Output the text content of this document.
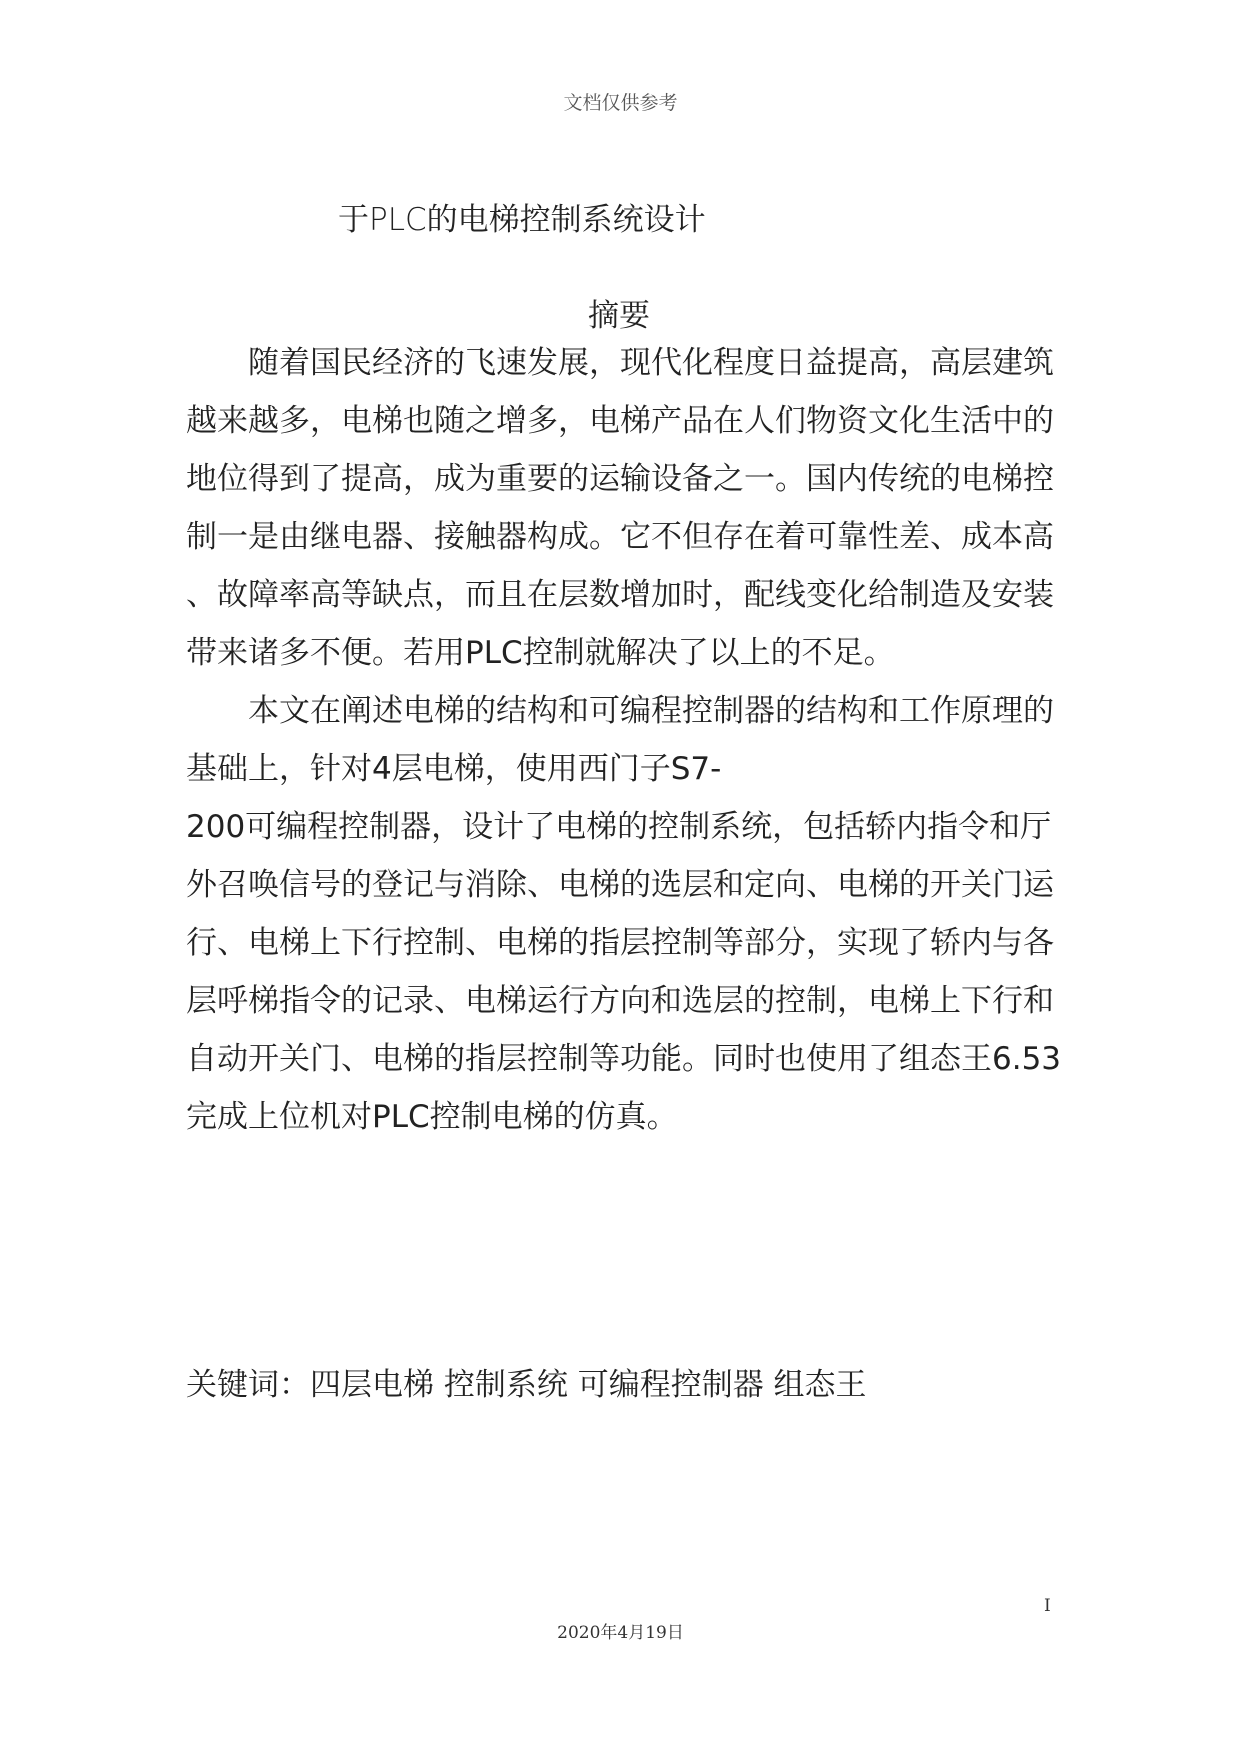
文档仅供参考
于PLC的电梯控制系统设计
摘要
随着国民经济的飞速发展，现代化程度日益提高，高层建筑
越来越多，电梯也随之增多，电梯产品在人们物资文化生活中的
地位得到了提高，成为重要的运输设备之一。国内传统的电梯控
制一是由继电器、接触器构成。它不但存在着可靠性差、成本高
、故障率高等缺点，而且在层数增加时，配线变化给制造及安装
带来诸多不便。若用PLC控制就解决了以上的不足。
本文在阐述电梯的结构和可编程控制器的结构和工作原理的
基础上，针对4层电梯，使用西门子S7-
200可编程控制器，设计了电梯的控制系统，包括轿内指令和厅
外召唤信号的登记与消除、电梯的选层和定向、电梯的开关门运
行、电梯上下行控制、电梯的指层控制等部分，实现了轿内与各
层呼梯指令的记录、电梯运行方向和选层的控制，电梯上下行和
自动开关门、电梯的指层控制等功能。同时也使用了组态王6.53
完成上位机对PLC控制电梯的仿真。
关键词：四层电梯 控制系统 可编程控制器 组态王
I
2020年4月19日
